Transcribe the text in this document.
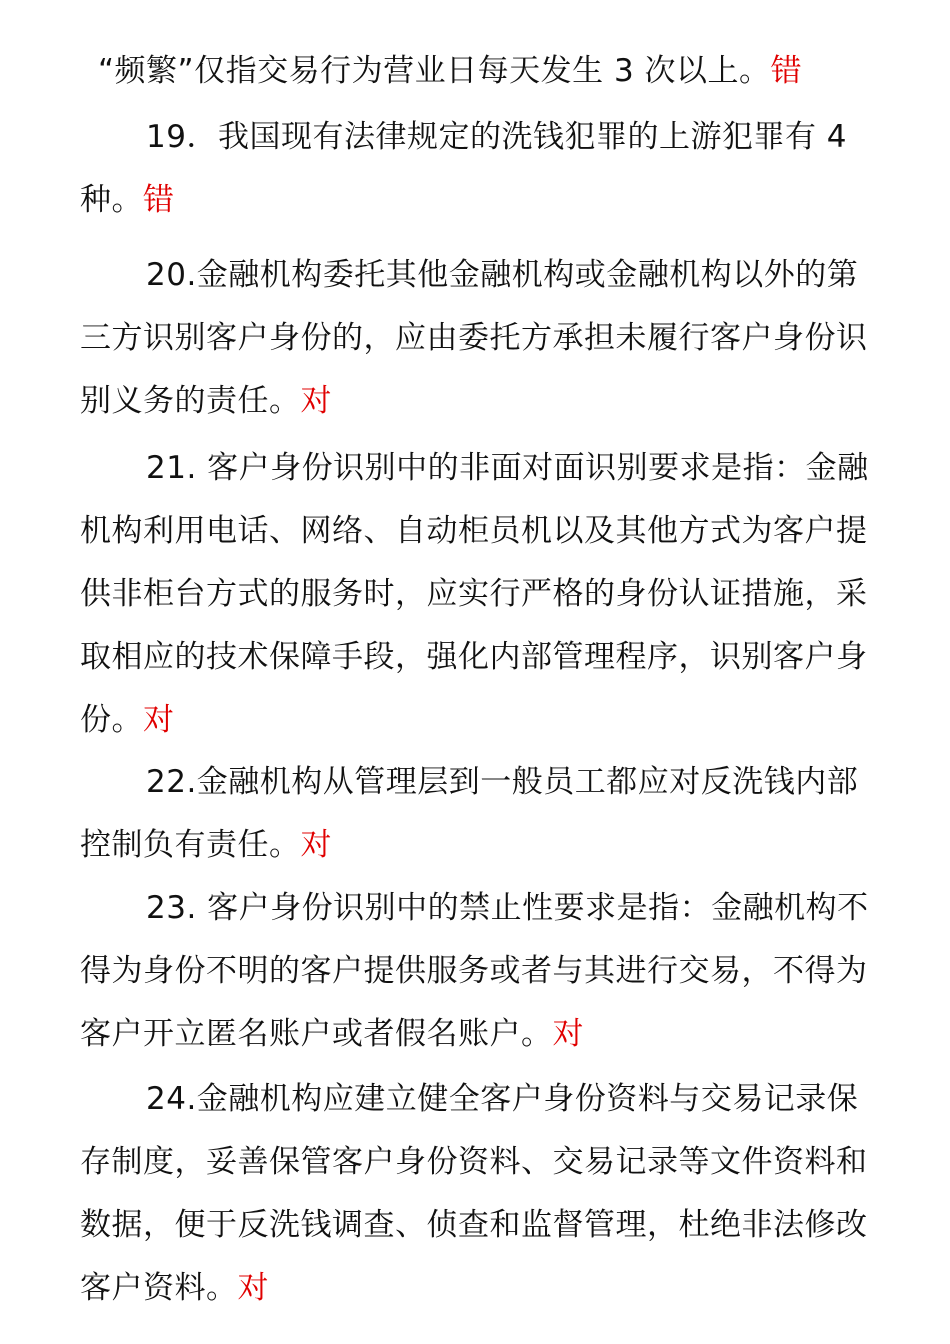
“频繁”仅指交易行为营业日每天发生 3 次以上。错

19．我国现有法律规定的洗钱犯罪的上游犯罪有 4 种。错

20.金融机构委托其他金融机构或金融机构以外的第三方识别客户身份的，应由委托方承担未履行客户身份识别义务的责任。对

21. 客户身份识别中的非面对面识别要求是指：金融机构利用电话、网络、自动柜员机以及其他方式为客户提供非柜台方式的服务时，应实行严格的身份认证措施，采取相应的技术保障手段，强化内部管理程序，识别客户身份。对

22.金融机构从管理层到一般员工都应对反洗钱内部控制负有责任。对

23. 客户身份识别中的禁止性要求是指：金融机构不得为身份不明的客户提供服务或者与其进行交易，不得为客户开立匿名账户或者假名账户。对

24.金融机构应建立健全客户身份资料与交易记录保存制度，妥善保管客户身份资料、交易记录等文件资料和数据，便于反洗钱调查、侦查和监督管理，杜绝非法修改客户资料。对
